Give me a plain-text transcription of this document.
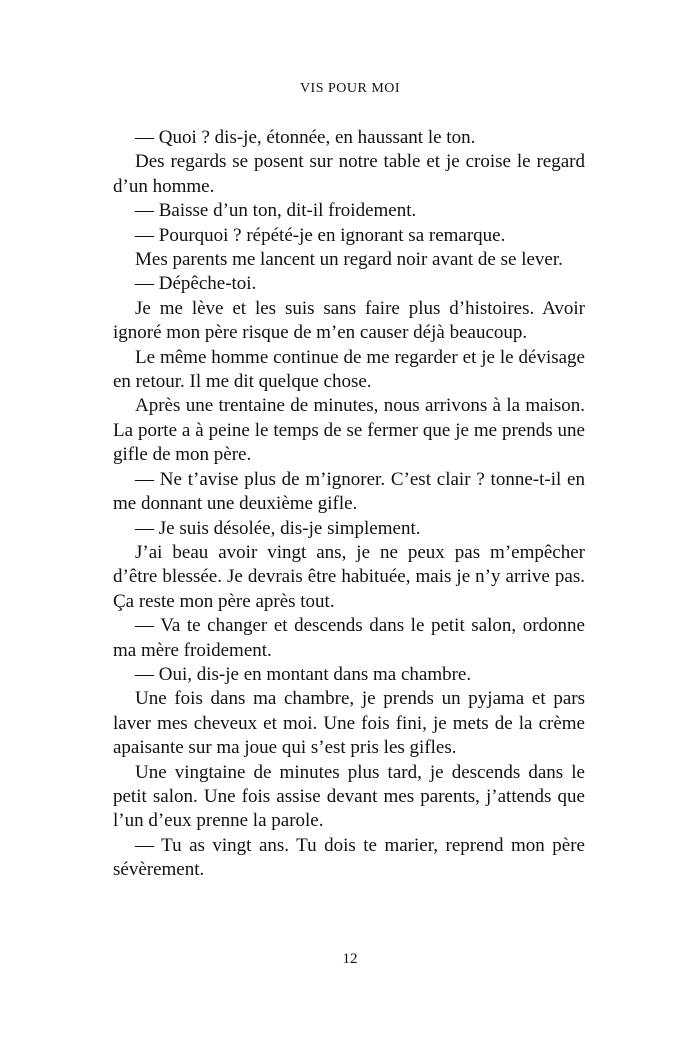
VIS POUR MOI

— Quoi ? dis-je, étonnée, en haussant le ton.

Des regards se posent sur notre table et je croise le regard d’un homme.

— Baisse d’un ton, dit-il froidement.

— Pourquoi ? répété-je en ignorant sa remarque.

Mes parents me lancent un regard noir avant de se lever.

— Dépêche-toi.

Je me lève et les suis sans faire plus d’histoires. Avoir ignoré mon père risque de m’en causer déjà beaucoup.

Le même homme continue de me regarder et je le dévisage en retour. Il me dit quelque chose.

Après une trentaine de minutes, nous arrivons à la maison. La porte a à peine le temps de se fermer que je me prends une gifle de mon père.

— Ne t’avise plus de m’ignorer. C’est clair ? tonne-t-il en me donnant une deuxième gifle.

— Je suis désolée, dis-je simplement.

J’ai beau avoir vingt ans, je ne peux pas m’empêcher d’être blessée. Je devrais être habituée, mais je n’y arrive pas. Ça reste mon père après tout.

— Va te changer et descends dans le petit salon, ordonne ma mère froidement.

— Oui, dis-je en montant dans ma chambre.

Une fois dans ma chambre, je prends un pyjama et pars laver mes cheveux et moi. Une fois fini, je mets de la crème apaisante sur ma joue qui s’est pris les gifles.

Une vingtaine de minutes plus tard, je descends dans le petit salon. Une fois assise devant mes parents, j’attends que l’un d’eux prenne la parole.

— Tu as vingt ans. Tu dois te marier, reprend mon père sévèrement.

12
